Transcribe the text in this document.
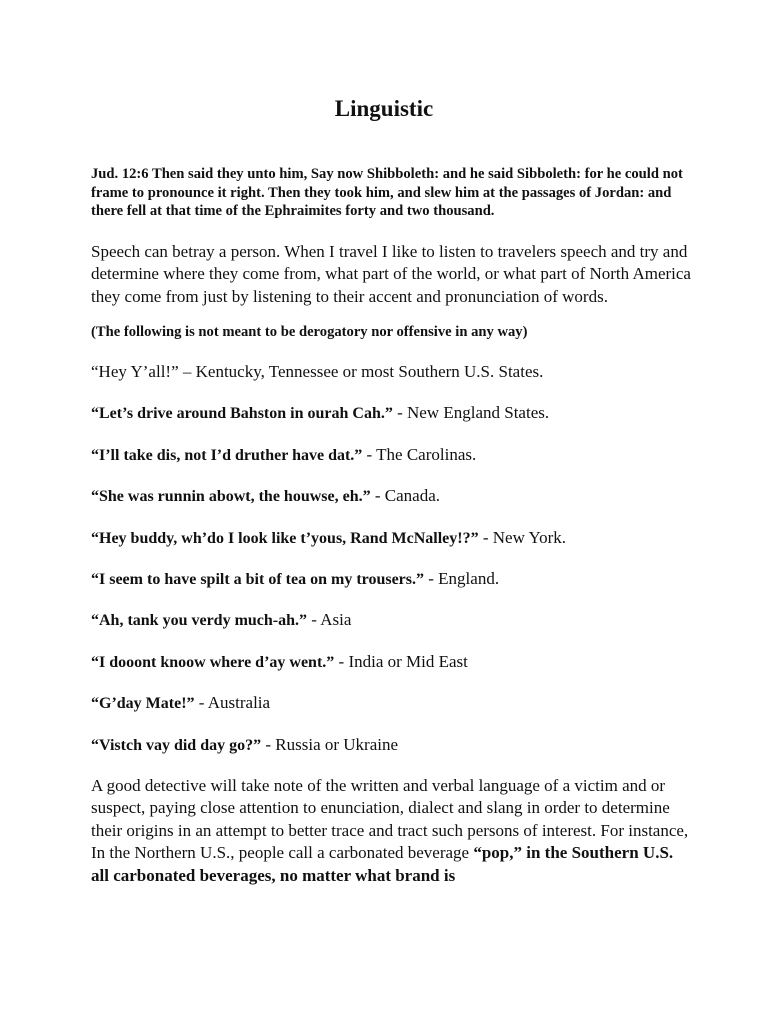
Linguistic

Jud. 12:6 Then said they unto him, Say now Shibboleth: and he said Sibboleth: for he could not frame to pronounce it right. Then they took him, and slew him at the passages of Jordan: and there fell at that time of the Ephraimites forty and two thousand.

Speech can betray a person. When I travel I like to listen to travelers speech and try and determine where they come from, what part of the world, or what part of North America they come from just by listening to their accent and pronunciation of words.

(The following is not meant to be derogatory nor offensive in any way)

“Hey Y’all!” – Kentucky, Tennessee or most Southern U.S. States.
“Let’s drive around Bahston in ourah Cah.” - New England States.
“I’ll take dis, not I’d druther have dat.” - The Carolinas.
“She was runnin abowt, the houwse, eh.” - Canada.
“Hey buddy, wh’do I look like t’yous, Rand McNalley!?” - New York.
“I seem to have spilt a bit of tea on my trousers.” - England.
“Ah, tank you verdy much-ah.” - Asia
“I dooont knoow where d’ay went.” - India or Mid East
“G’day Mate!” - Australia
“Vistch vay did day go?” - Russia or Ukraine

A good detective will take note of the written and verbal language of a victim and or suspect, paying close attention to enunciation, dialect and slang in order to determine their origins in an attempt to better trace and tract such persons of interest. For instance, In the Northern U.S., people call a carbonated beverage “pop,” in the Southern U.S. all carbonated beverages, no matter what brand is
